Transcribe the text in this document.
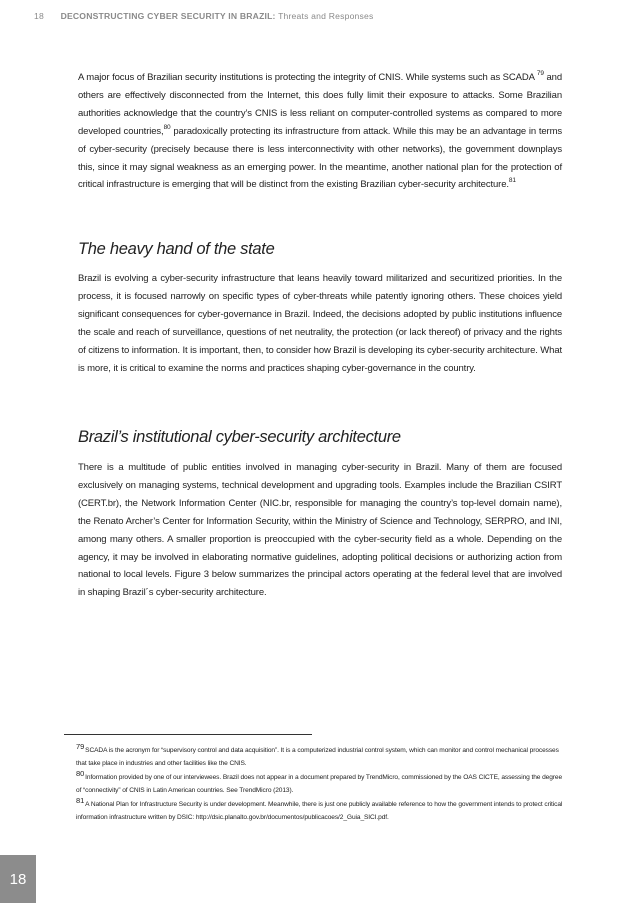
18 DECONSTRUCTING CYBER SECURITY IN BRAZIL: Threats and Responses

A major focus of Brazilian security institutions is protecting the integrity of CNIS. While systems such as SCADA $^{79}$ and others are effectively disconnected from the Internet, this does fully limit their exposure to attacks. Some Brazilian authorities acknowledge that the country’s CNIS is less reliant on computer-controlled systems as compared to more developed countries,$^{80}$ paradoxically protecting its infrastructure from attack. While this may be an advantage in terms of cyber-security (precisely because there is less interconnectivity with other networks), the government downplays this, since it may signal weakness as an emerging power. In the meantime, another national plan for the protection of critical infrastructure is emerging that will be distinct from the existing Brazilian cyber-security architecture.$^{81}$

The heavy hand of the state

Brazil is evolving a cyber-security infrastructure that leans heavily toward militarized and securitized priorities. In the process, it is focused narrowly on specific types of cyber-threats while patently ignoring others. These choices yield significant consequences for cyber-governance in Brazil. Indeed, the decisions adopted by public institutions influence the scale and reach of surveillance, questions of net neutrality, the protection (or lack thereof) of privacy and the rights of citizens to information. It is important, then, to consider how Brazil is developing its cyber-security architecture. What is more, it is critical to examine the norms and practices shaping cyber-governance in the country.

Brazil’s institutional cyber-security architecture

There is a multitude of public entities involved in managing cyber-security in Brazil. Many of them are focused exclusively on managing systems, technical development and upgrading tools. Examples include the Brazilian CSIRT (CERT.br), the Network Information Center (NIC.br, responsible for managing the country’s top-level domain name), the Renato Archer’s Center for Information Security, within the Ministry of Science and Technology, SERPRO, and INI, among many others. A smaller proportion is preoccupied with the cyber-security field as a whole. Depending on the agency, it may be involved in elaborating normative guidelines, adopting political decisions or authorizing action from national to local levels. Figure 3 below summarizes the principal actors operating at the federal level that are involved in shaping Brazil´s cyber-security architecture.

79SCADA is the acronym for “supervisory control and data acquisition”. It is a computerized industrial control system, which can monitor and control mechanical processes that take place in industries and other facilities like the CNIS.

80Information provided by one of our interviewees. Brazil does not appear in a document prepared by TrendMicro, commissioned by the OAS CICTE, assessing the degree of “connectivity” of CNIS in Latin American countries. See TrendMicro (2013).

81A National Plan for Infrastructure Security is under development. Meanwhile, there is just one publicly available reference to how the government intends to protect critical information infrastructure written by DSIC: http://dsic.planalto.gov.br/documentos/publicacoes/2_Guia_SICI.pdf.

18
